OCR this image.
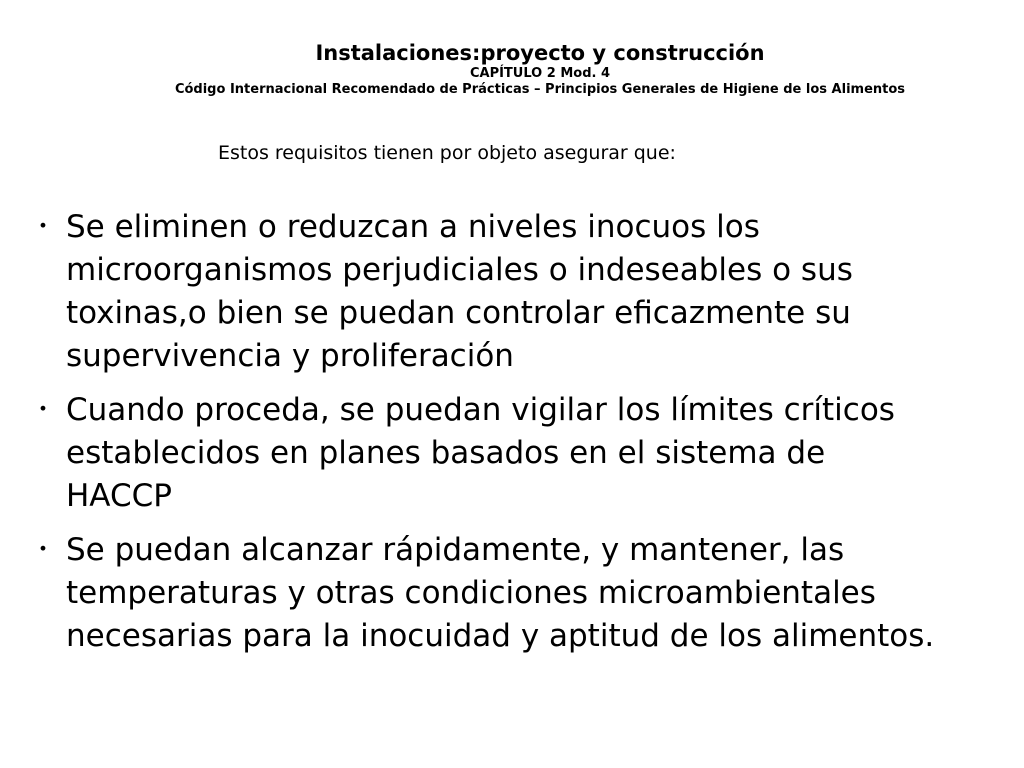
Instalaciones:proyecto y construcción
CAPÍTULO 2 Mod. 4
Código Internacional Recomendado de Prácticas – Principios Generales de Higiene de los Alimentos
Estos requisitos tienen por objeto asegurar que:
・ Se eliminen o reduzcan a niveles inocuos los
microorganismos perjudiciales o indeseables o sus
toxinas,o bien se puedan controlar eficazmente su
supervivencia y proliferación
・ Cuando proceda, se puedan vigilar los límites críticos
establecidos en planes basados en el sistema de
HACCP
・ Se puedan alcanzar rápidamente, y mantener, las
temperaturas y otras condiciones microambientales
necesarias para la inocuidad y aptitud de los alimentos.
